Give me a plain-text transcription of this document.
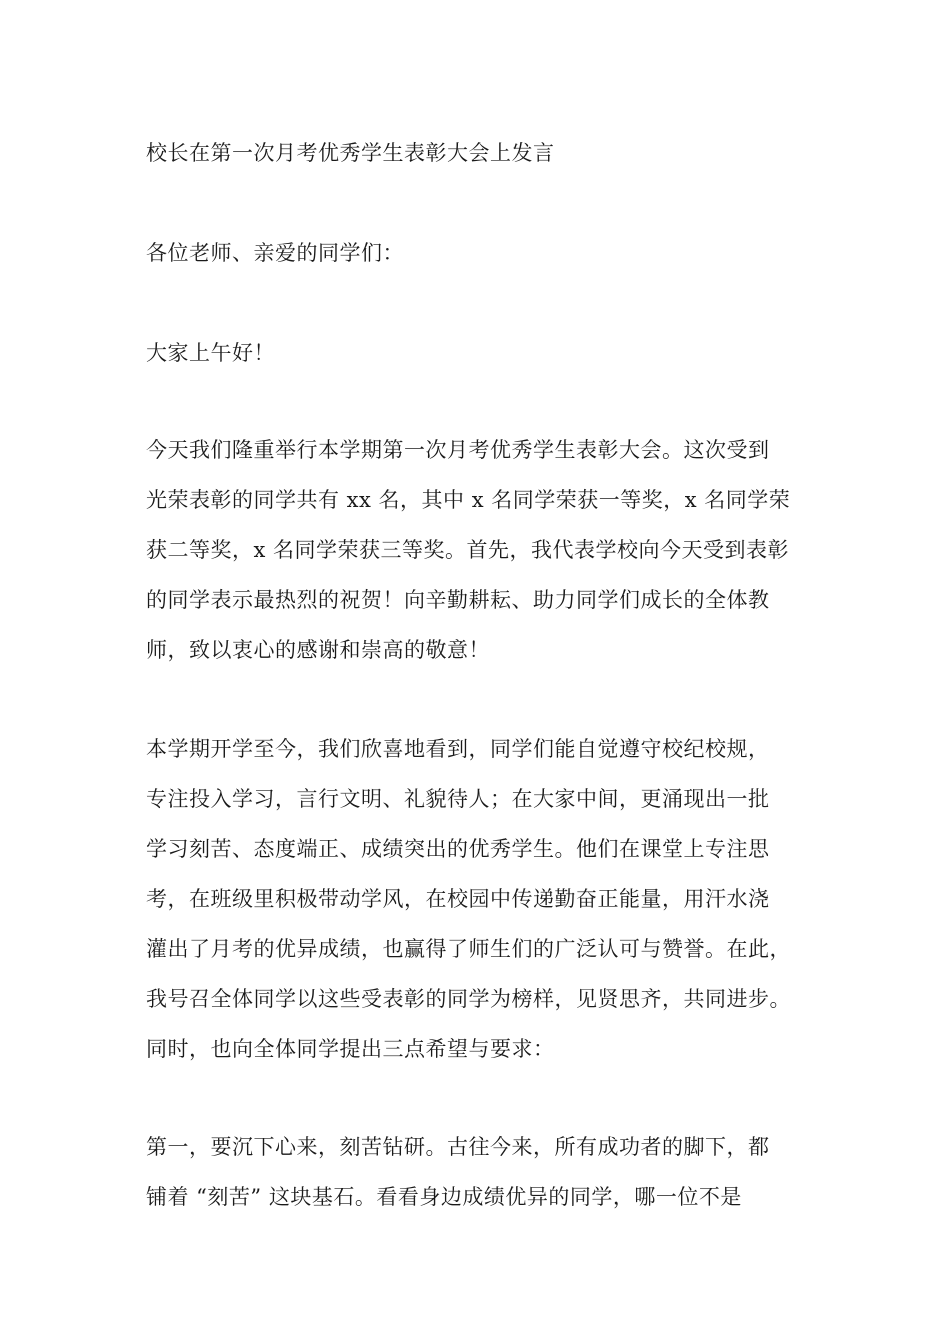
校长在第一次月考优秀学生表彰大会上发言
各位老师、亲爱的同学们：
大家上午好！
今天我们隆重举行本学期第一次月考优秀学生表彰大会。这次受到
光荣表彰的同学共有 xx 名，其中 x 名同学荣获一等奖，x 名同学荣
获二等奖，x 名同学荣获三等奖。首先，我代表学校向今天受到表彰
的同学表示最热烈的祝贺！向辛勤耕耘、助力同学们成长的全体教
师，致以衷心的感谢和崇高的敬意！
本学期开学至今，我们欣喜地看到，同学们能自觉遵守校纪校规，
专注投入学习，言行文明、礼貌待人；在大家中间，更涌现出一批
学习刻苦、态度端正、成绩突出的优秀学生。他们在课堂上专注思
考，在班级里积极带动学风，在校园中传递勤奋正能量，用汗水浇
灌出了月考的优异成绩，也赢得了师生们的广泛认可与赞誉。在此，
我号召全体同学以这些受表彰的同学为榜样，见贤思齐，共同进步。
同时，也向全体同学提出三点希望与要求：
第一，要沉下心来，刻苦钻研。古往今来，所有成功者的脚下，都
铺着 “刻苦” 这块基石。看看身边成绩优异的同学，哪一位不是
